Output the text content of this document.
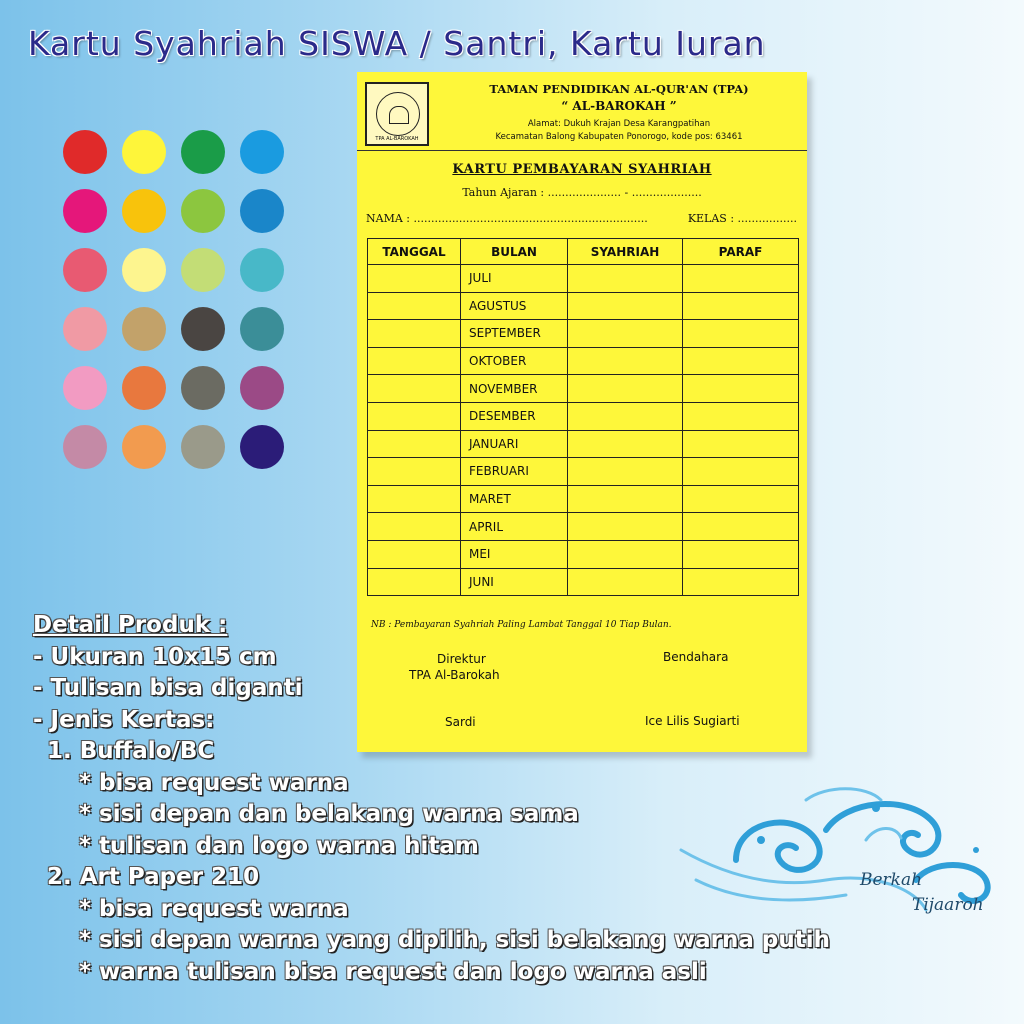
Kartu Syahriah SISWA / Santri, Kartu Iuran
TPA AL-BAROKAH
TAMAN PENDIDIKAN AL-QUR'AN (TPA)
“ AL-BAROKAH ”
Alamat: Dukuh Krajan Desa Karangpatihan
Kecamatan Balong Kabupaten Ponorogo, kode pos: 63461
KARTU PEMBAYARAN SYAHRIAH
Tahun Ajaran : ..................... - ....................
NAMA : ...................................................................	KELAS : .................
TANGGAL	BULAN	SYAHRIAH	PARAF
	JULI		
	AGUSTUS		
	SEPTEMBER		
	OKTOBER		
	NOVEMBER		
	DESEMBER		
	JANUARI		
	FEBRUARI		
	MARET		
	APRIL		
	MEI		
	JUNI		
NB : Pembayaran Syahriah Paling Lambat Tanggal 10 Tiap Bulan.
Direktur
TPA Al-Barokah
Bendahara
Sardi	Ice Lilis Sugiarti
Detail Produk :
- Ukuran 10x15 cm
- Tulisan bisa diganti
- Jenis Kertas:
1. Buffalo/BC
* bisa request warna
* sisi depan dan belakang warna sama
* tulisan dan logo warna hitam
2. Art Paper 210
* bisa request warna
* sisi depan warna yang dipilih, sisi belakang warna putih
* warna tulisan bisa request dan logo warna asli
Berkah
Tijaaroh
